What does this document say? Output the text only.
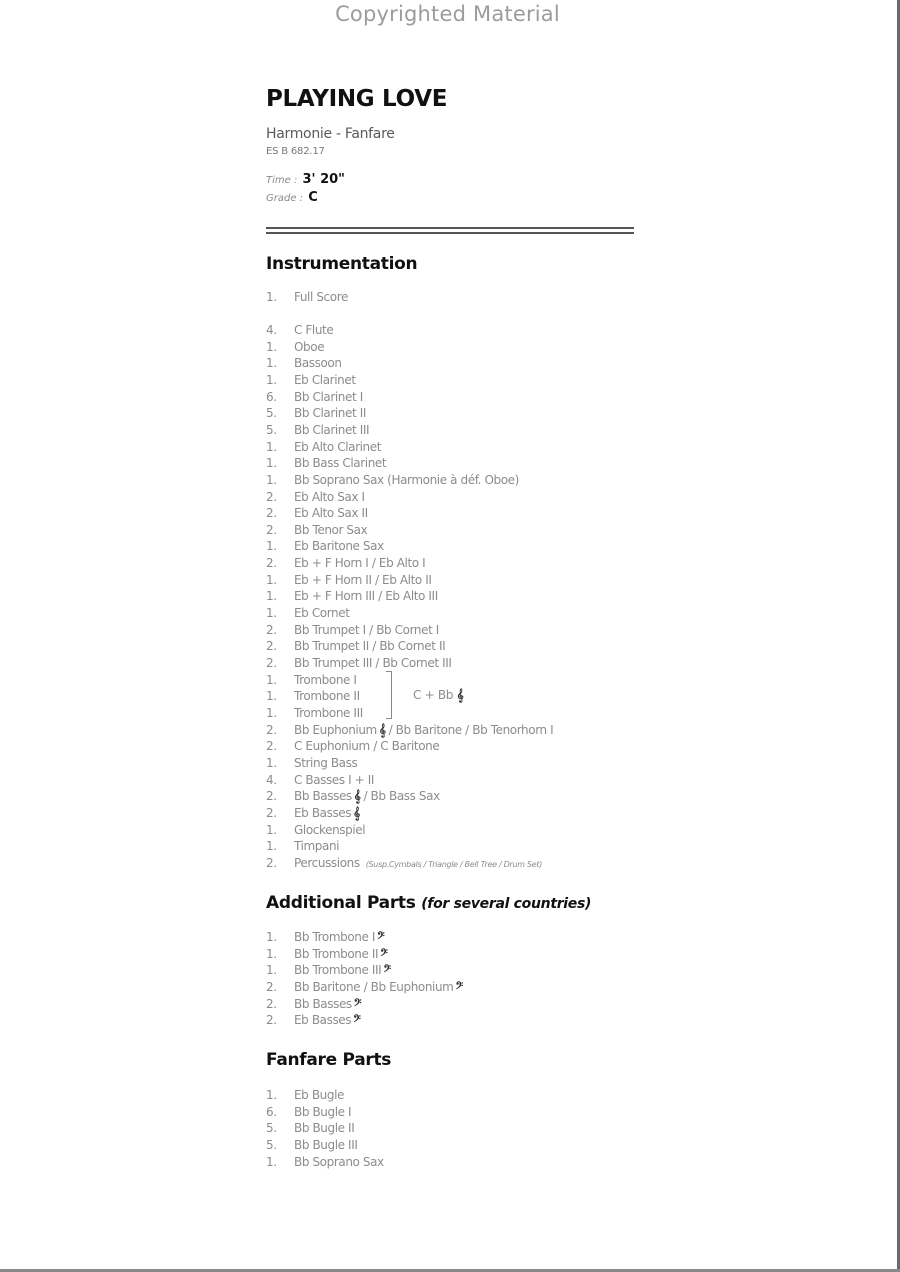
Copyrighted Material
PLAYING LOVE
Harmonie - Fanfare
ES B 682.17
Time : 3' 20"
Grade : C
Instrumentation
1. Full Score
4. C Flute
1. Oboe
1. Bassoon
1. Eb Clarinet
6. Bb Clarinet I
5. Bb Clarinet II
5. Bb Clarinet III
1. Eb Alto Clarinet
1. Bb Bass Clarinet
1. Bb Soprano Sax (Harmonie à déf. Oboe)
2. Eb Alto Sax I
2. Eb Alto Sax II
2. Bb Tenor Sax
1. Eb Baritone Sax
2. Eb + F Horn I / Eb Alto I
1. Eb + F Horn II / Eb Alto II
1. Eb + F Horn III / Eb Alto III
1. Eb Cornet
2. Bb Trumpet I / Bb Cornet I
2. Bb Trumpet II / Bb Cornet II
2. Bb Trumpet III / Bb Cornet III
1. Trombone I
1. Trombone II
1. Trombone III
2. Bb Euphonium 𝄞 / Bb Baritone / Bb Tenorhorn I
2. C Euphonium / C Baritone
1. String Bass
4. C Basses I + II
2. Bb Basses 𝄞 / Bb Bass Sax
2. Eb Basses 𝄞
1. Glockenspiel
1. Timpani
2. Percussions (Susp.Cymbals / Triangle / Bell Tree / Drum Set)
C + Bb 𝄞
Additional Parts (for several countries)
1. Bb Trombone I 𝄢
1. Bb Trombone II 𝄢
1. Bb Trombone III 𝄢
2. Bb Baritone / Bb Euphonium 𝄢
2. Bb Basses 𝄢
2. Eb Basses 𝄢
Fanfare Parts
1. Eb Bugle
6. Bb Bugle I
5. Bb Bugle II
5. Bb Bugle III
1. Bb Soprano Sax
